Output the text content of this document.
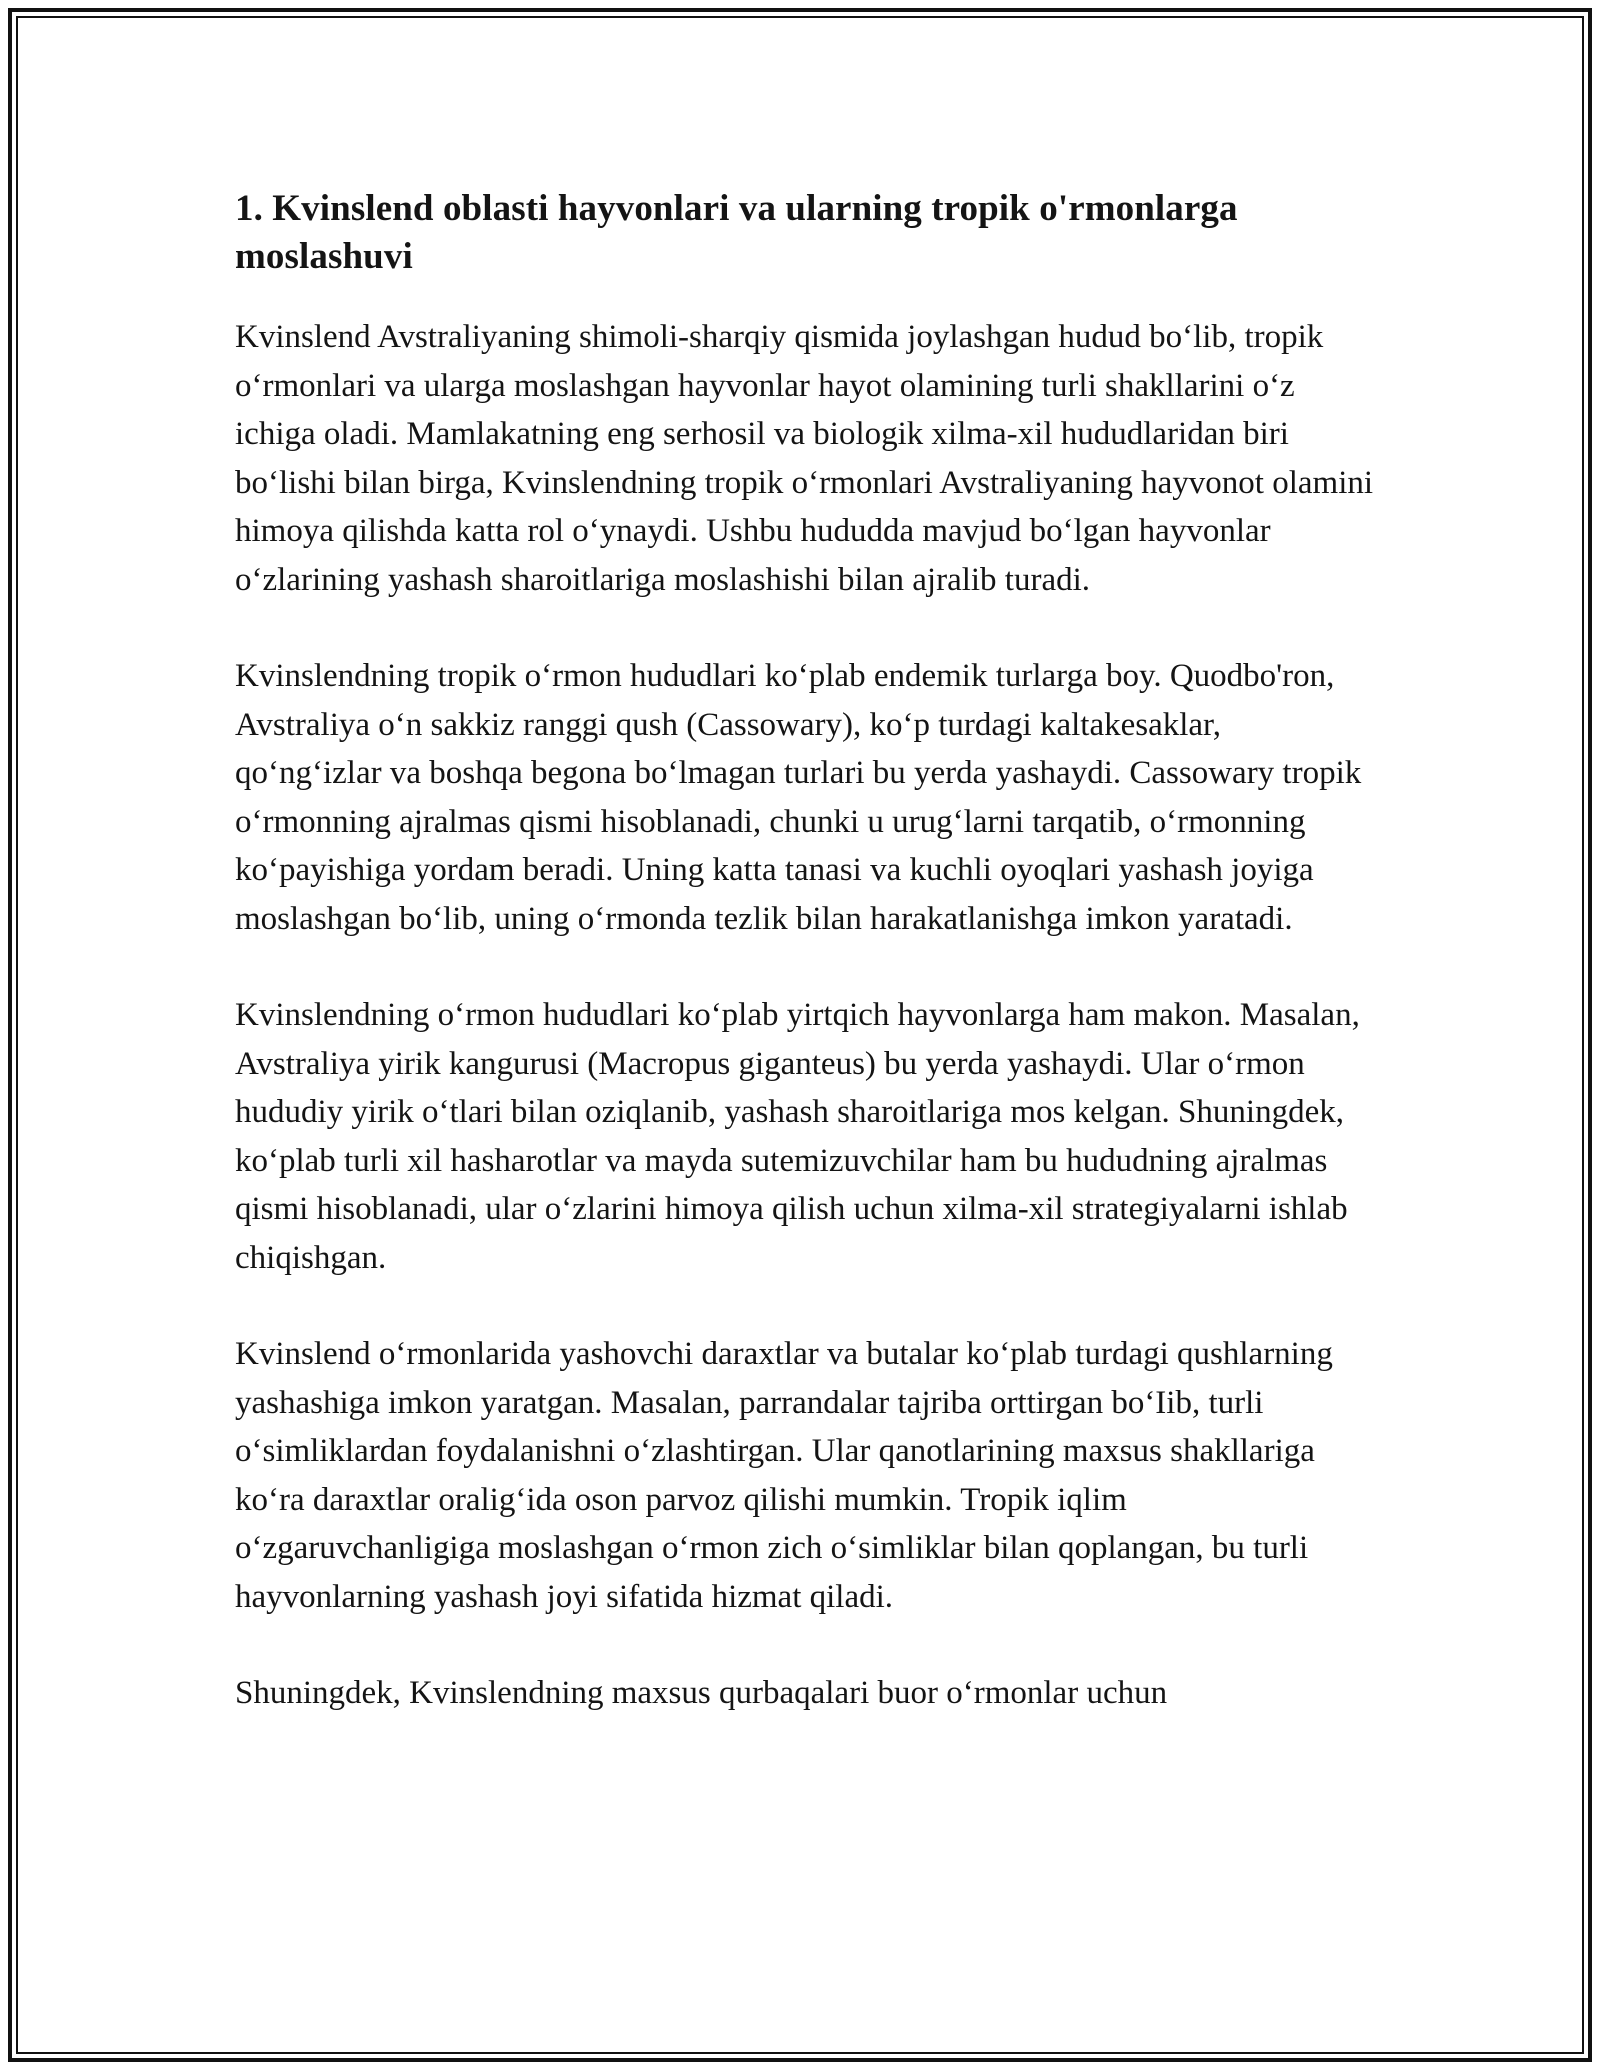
1. Kvinslend oblasti hayvonlari va ularning tropik o'rmonlarga moslashuvi

Kvinslend Avstraliyaning shimoli-sharqiy qismida joylashgan hudud boʻlib, tropik oʻrmonlari va ularga moslashgan hayvonlar hayot olamining turli shakllarini oʻz ichiga oladi. Mamlakatning eng serhosil va biologik xilma-xil hududlaridan biri boʻlishi bilan birga, Kvinslendning tropik oʻrmonlari Avstraliyaning hayvonot olamini himoya qilishda katta rol oʻynaydi. Ushbu hududda mavjud boʻlgan hayvonlar oʻzlarining yashash sharoitlariga moslashishi bilan ajralib turadi.

Kvinslendning tropik oʻrmon hududlari koʻplab endemik turlarga boy. Quodbo'ron, Avstraliya oʻn sakkiz ranggi qush (Cassowary), koʻp turdagi kaltakesaklar, qoʻngʻizlar va boshqa begona boʻlmagan turlari bu yerda yashaydi. Cassowary tropik oʻrmonning ajralmas qismi hisoblanadi, chunki u urugʻlarni tarqatib, oʻrmonning koʻpayishiga yordam beradi. Uning katta tanasi va kuchli oyoqlari yashash joyiga moslashgan boʻlib, uning oʻrmonda tezlik bilan harakatlanishga imkon yaratadi.

Kvinslendning oʻrmon hududlari koʻplab yirtqich hayvonlarga ham makon. Masalan, Avstraliya yirik kangurusi (Macropus giganteus) bu yerda yashaydi. Ular oʻrmon hududiy yirik oʻtlari bilan oziqlanib, yashash sharoitlariga mos kelgan. Shuningdek, koʻplab turli xil hasharotlar va mayda sutemizuvchilar ham bu hududning ajralmas qismi hisoblanadi, ular oʻzlarini himoya qilish uchun xilma-xil strategiyalarni ishlab chiqishgan.

Kvinslend oʻrmonlarida yashovchi daraxtlar va butalar koʻplab turdagi qushlarning yashashiga imkon yaratgan. Masalan, parrandalar tajriba orttirgan boʻIib, turli oʻsimliklardan foydalanishni oʻzlashtirgan. Ular qanotlarining maxsus shakllariga koʻra daraxtlar oraligʻida oson parvoz qilishi mumkin. Tropik iqlim oʻzgaruvchanligiga moslashgan oʻrmon zich oʻsimliklar bilan qoplangan, bu turli hayvonlarning yashash joyi sifatida hizmat qiladi.

Shuningdek, Kvinslendning maxsus qurbaqalari buor oʻrmonlar uchun
